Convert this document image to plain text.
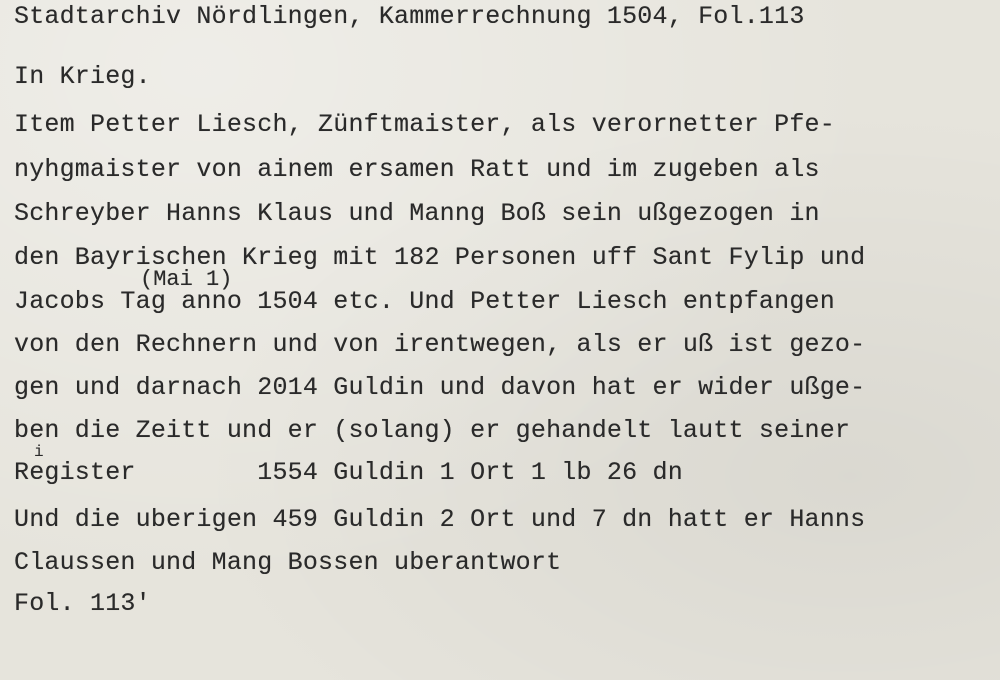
Stadtarchiv Nördlingen, Kammerrechnung 1504, Fol.113
In Krieg.
Item Petter Liesch, Zünftmaister, als verornetter Pfe-
nyhgmaister von ainem ersamen Ratt und im zugeben als
Schreyber Hanns Klaus und Manng Boß sein ußgezogen in
den Bayrischen Krieg mit 182 Personen uff Sant Fylip und
(Mai 1)
Jacobs Tag anno 1504 etc. Und Petter Liesch entpfangen
von den Rechnern und von irentwegen, als er uß ist gezo-
gen und darnach 2014 Guldin und davon hat er wider ußge-
ben die Zeitt und er (solang) er gehandelt lautt seiner
i
Register        1554 Guldin 1 Ort 1 lb 26 dn
Und die uberigen 459 Guldin 2 Ort und 7 dn hatt er Hanns
Claussen und Mang Bossen uberantwort
Fol. 113'
